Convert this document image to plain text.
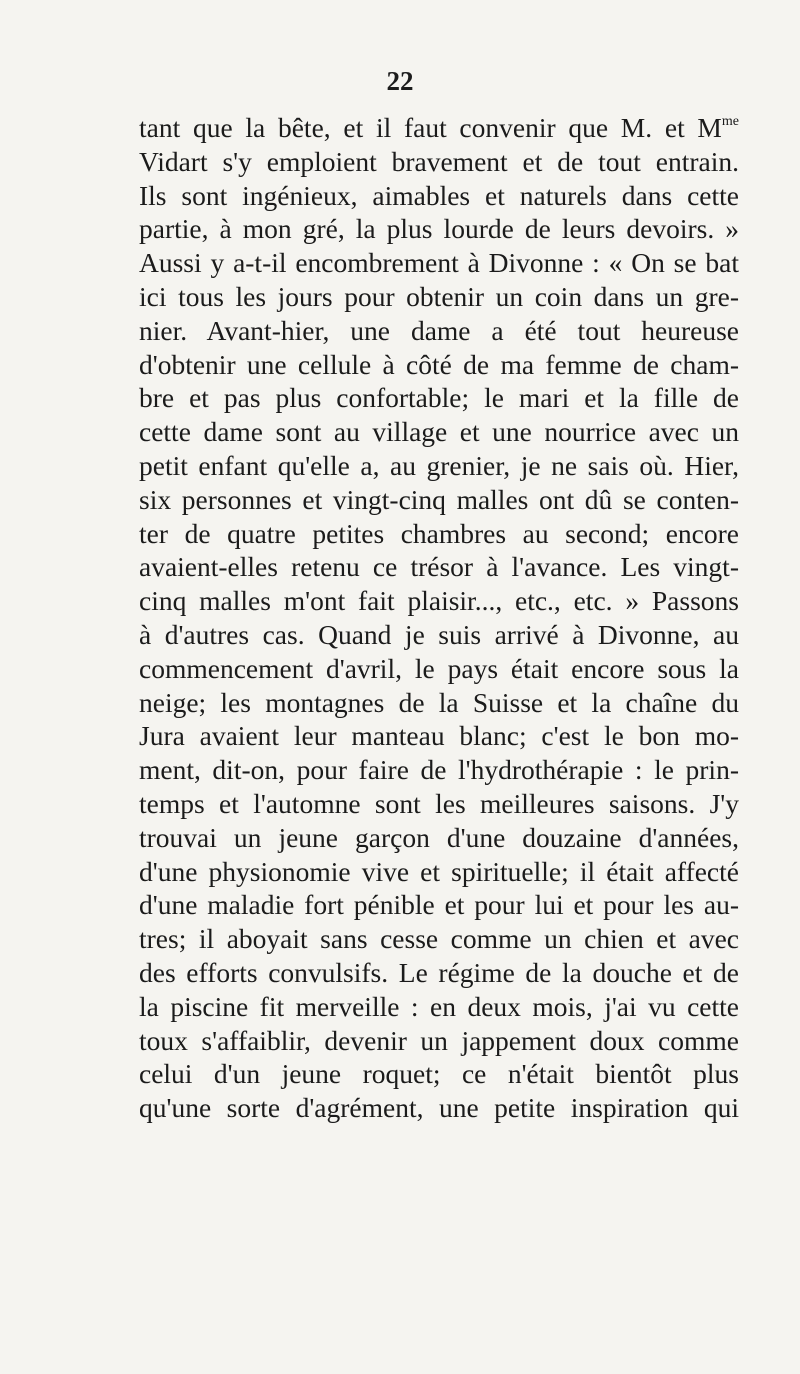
22
tant que la bête, et il faut convenir que M. et $M^{me}$
Vidart s'y emploient bravement et de tout entrain.
Ils sont ingénieux, aimables et naturels dans cette
partie, à mon gré, la plus lourde de leurs devoirs. »
Aussi y a-t-il encombrement à Divonne : « On se bat
ici tous les jours pour obtenir un coin dans un gre-
nier. Avant-hier, une dame a été tout heureuse
d'obtenir une cellule à côté de ma femme de cham-
bre et pas plus confortable; le mari et la fille de
cette dame sont au village et une nourrice avec un
petit enfant qu'elle a, au grenier, je ne sais où. Hier,
six personnes et vingt-cinq malles ont dû se conten-
ter de quatre petites chambres au second; encore
avaient-elles retenu ce trésor à l'avance. Les vingt-
cinq malles m'ont fait plaisir..., etc., etc. » Passons
à d'autres cas. Quand je suis arrivé à Divonne, au
commencement d'avril, le pays était encore sous la
neige; les montagnes de la Suisse et la chaîne du
Jura avaient leur manteau blanc; c'est le bon mo-
ment, dit-on, pour faire de l'hydrothérapie : le prin-
temps et l'automne sont les meilleures saisons. J'y
trouvai un jeune garçon d'une douzaine d'années,
d'une physionomie vive et spirituelle; il était affecté
d'une maladie fort pénible et pour lui et pour les au-
tres; il aboyait sans cesse comme un chien et avec
des efforts convulsifs. Le régime de la douche et de
la piscine fit merveille : en deux mois, j'ai vu cette
toux s'affaiblir, devenir un jappement doux comme
celui d'un jeune roquet; ce n'était bientôt plus
qu'une sorte d'agrément, une petite inspiration qui
